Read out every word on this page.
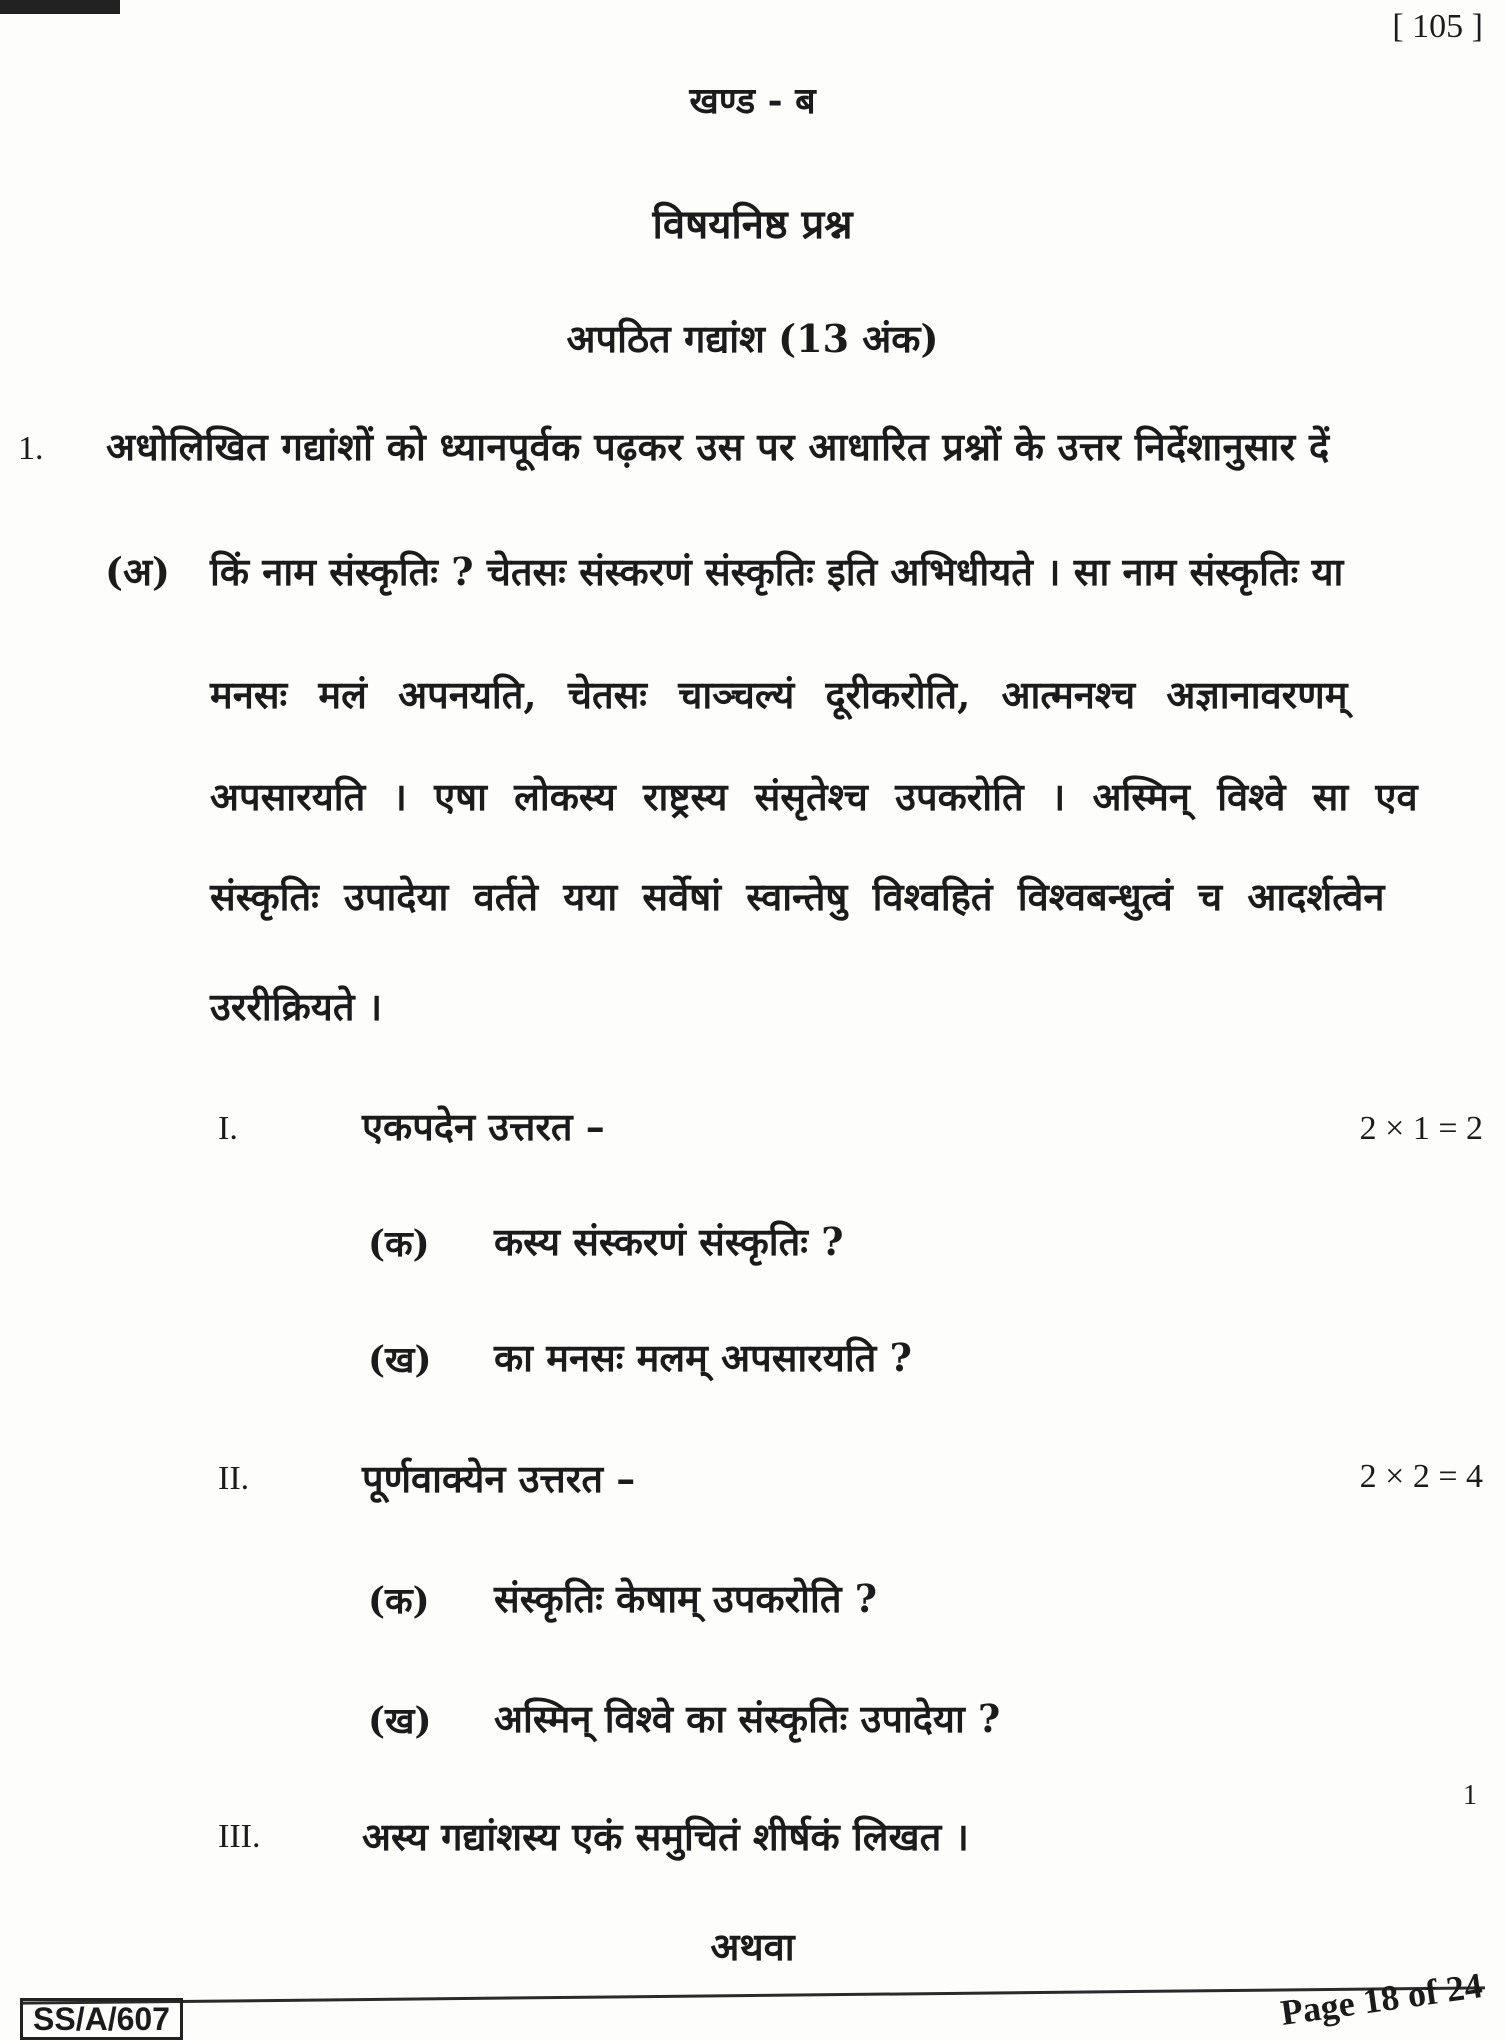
[ 105 ]
खण्ड - ब
विषयनिष्ठ प्रश्न
अपठित गद्यांश (13 अंक)
1. अधोलिखित गद्यांशों को ध्यानपूर्वक पढ़कर उस पर आधारित प्रश्नों के उत्तर निर्देशानुसार दें
(अ) किं नाम संस्कृतिः ? चेतसः संस्करणं संस्कृतिः इति अभिधीयते । सा नाम संस्कृतिः या
मनसः मलं अपनयति, चेतसः चाञ्चल्यं दूरीकरोति, आत्मनश्च अज्ञानावरणम्
अपसारयति । एषा लोकस्य राष्ट्रस्य संसृतेश्च उपकरोति । अस्मिन् विश्वे सा एव
संस्कृतिः उपादेया वर्तते यया सर्वेषां स्वान्तेषु विश्वहितं विश्वबन्धुत्वं च आदर्शत्वेन
उररीक्रियते ।
I.	एकपदेन उत्तरत –	2 × 1 = 2
(क) कस्य संस्करणं संस्कृतिः ?
(ख) का मनसः मलम् अपसारयति ?
II.	पूर्णवाक्येन उत्तरत –	2 × 2 = 4
(क) संस्कृतिः केषाम् उपकरोति ?
(ख) अस्मिन् विश्वे का संस्कृतिः उपादेया ?
1
III.	अस्य गद्यांशस्य एकं समुचितं शीर्षकं लिखत ।
अथवा
SS/A/607	Page 18 of 24
